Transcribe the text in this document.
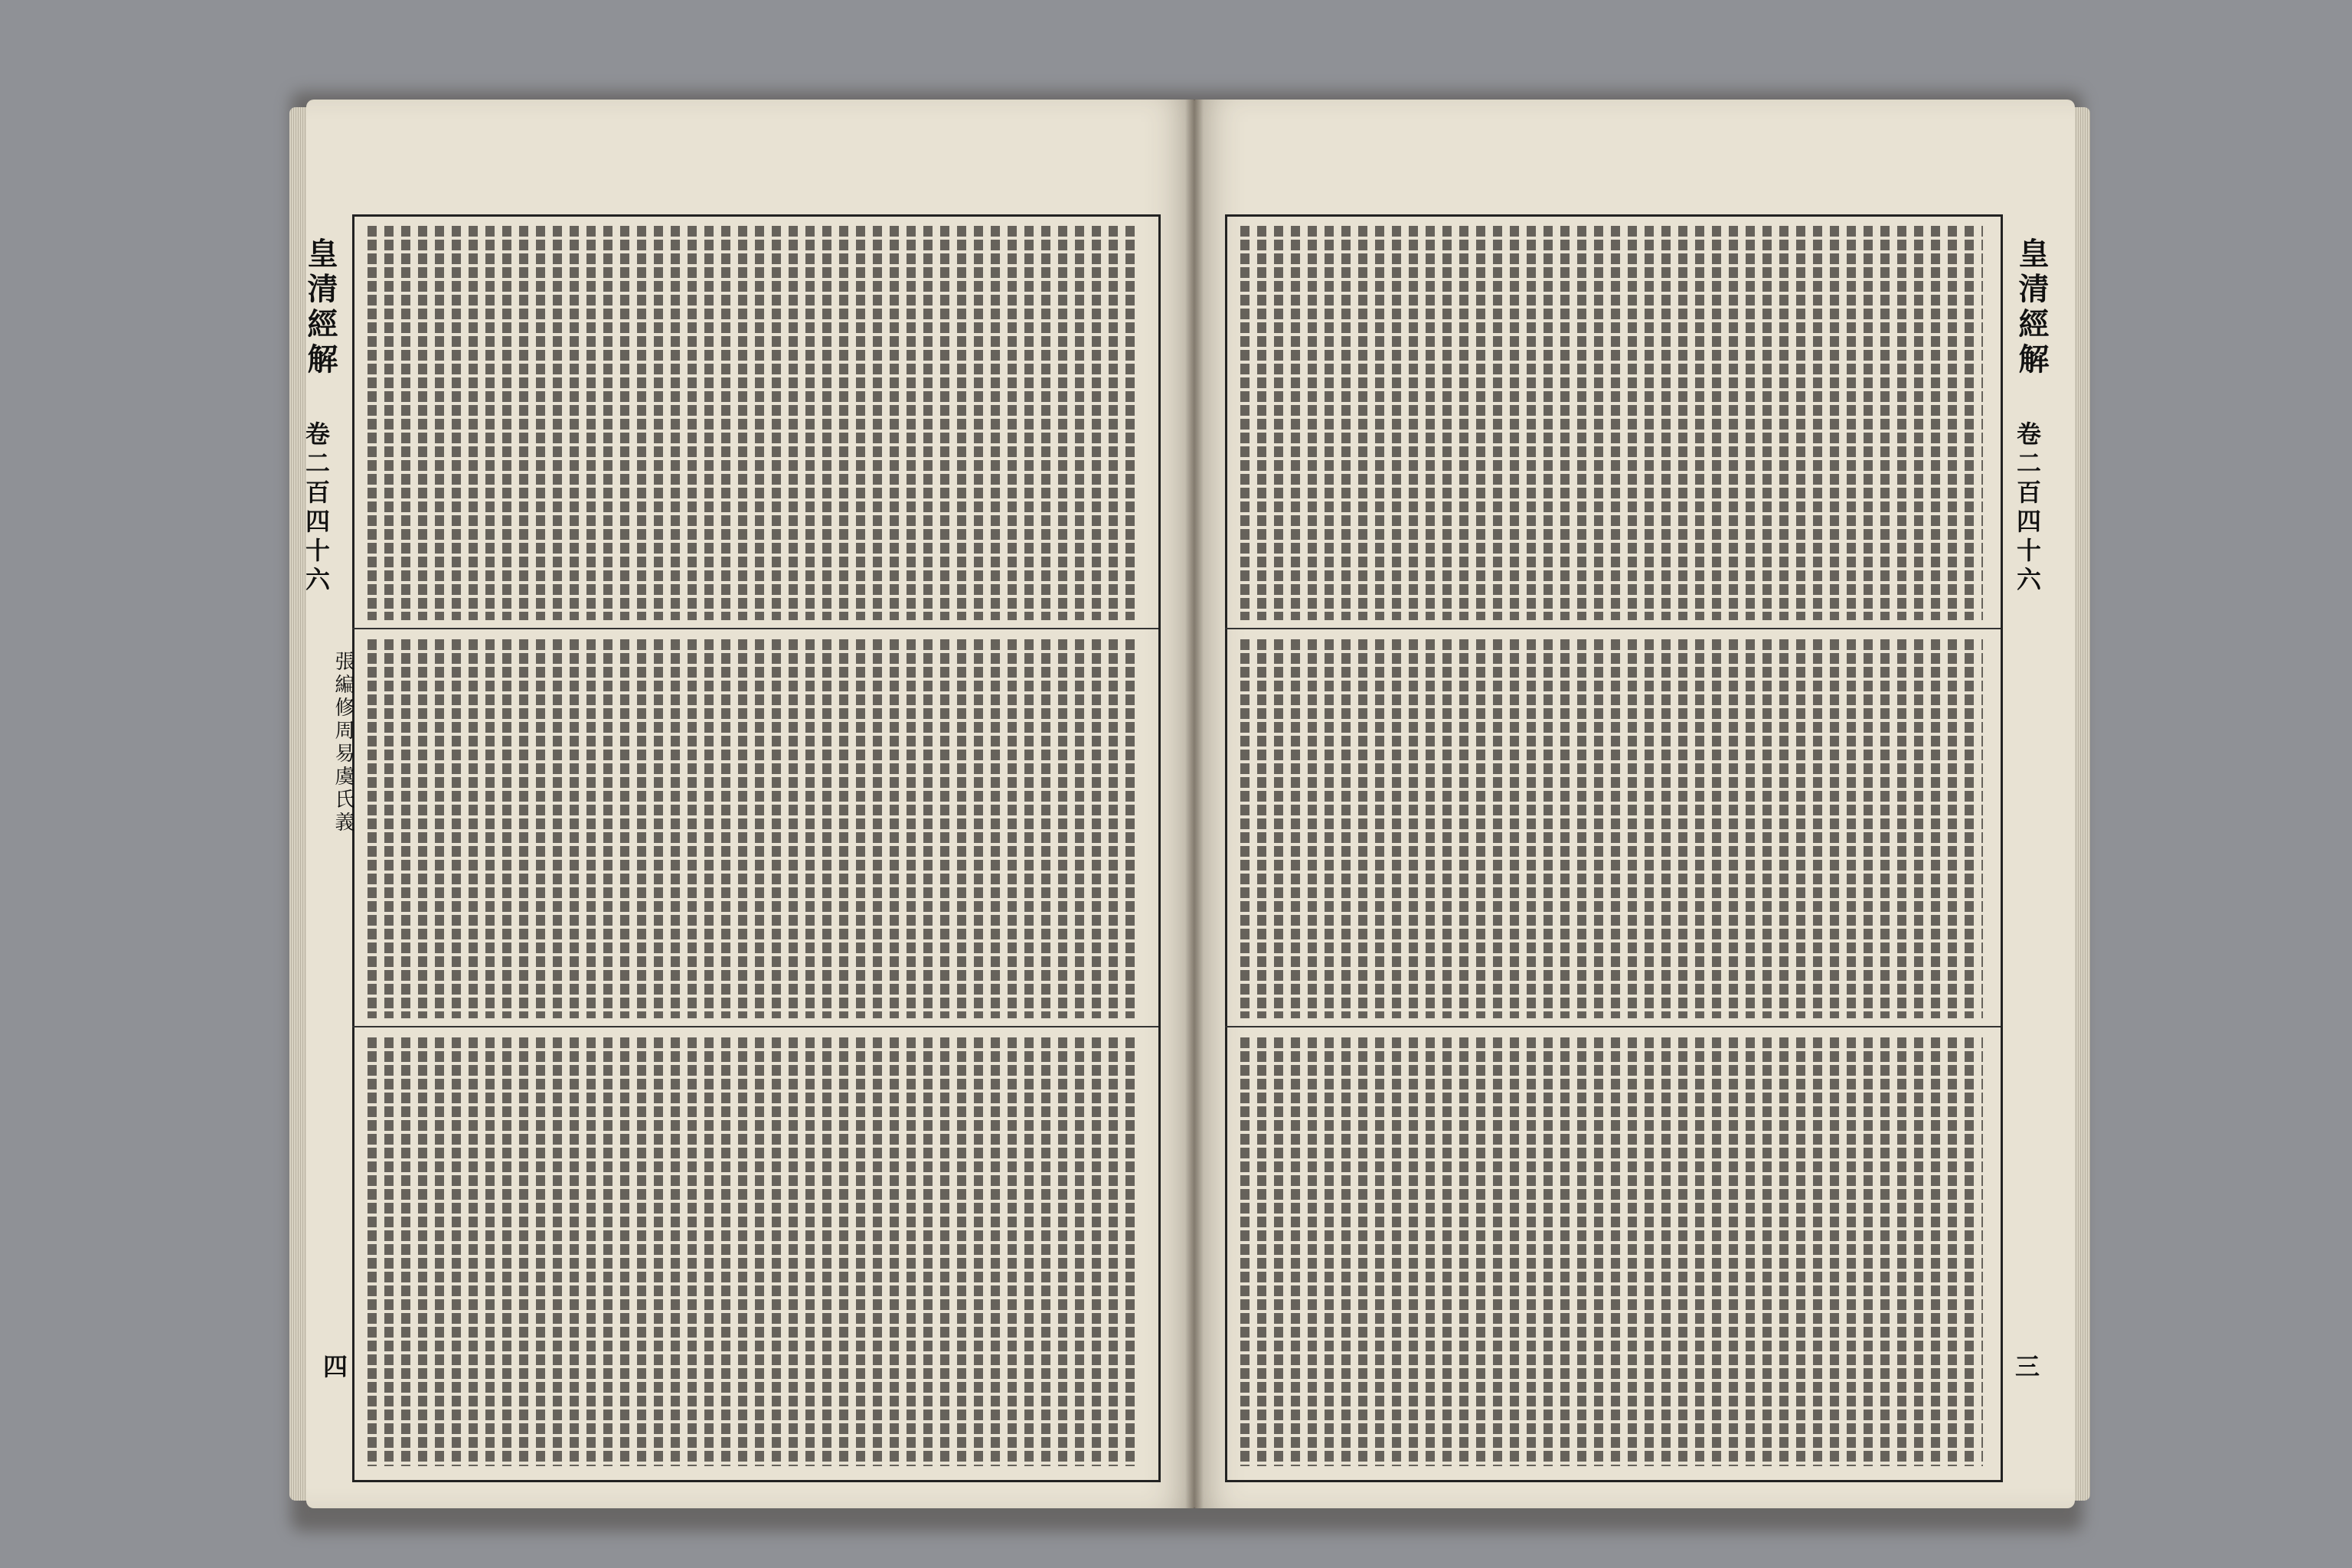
皇清經解
卷二百四十六
張編修周易虞氏義
四
皇清經解
卷二百四十六
三
